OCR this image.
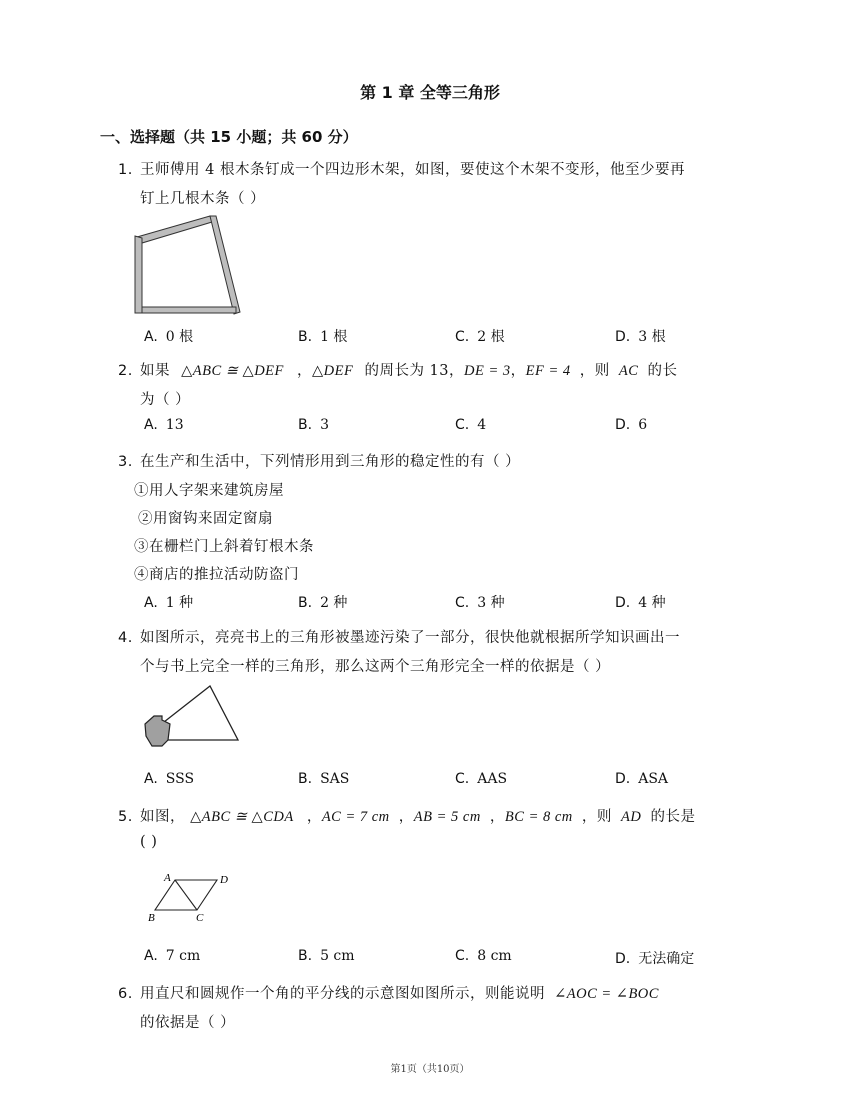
第 1 章 全等三角形
一、选择题（共 15 小题；共 60 分）
1. 王师傅用 4 根木条钉成一个四边形木架，如图，要使这个木架不变形，他至少要再
钉上几根木条（ ）
A. 0 根	B. 1 根	C. 2 根	D. 3 根
2. 如果 △ABC ≅ △DEF ，△DEF 的周长为 13，DE = 3，EF = 4 ，则 AC 的长
为（ ）
A. 13	B. 3	C. 4	D. 6
3. 在生产和生活中，下列情形用到三角形的稳定性的有（ ）
①用人字架来建筑房屋
②用窗钩来固定窗扇
③在栅栏门上斜着钉根木条
④商店的推拉活动防盗门
A. 1 种	B. 2 种	C. 3 种	D. 4 种
4. 如图所示，亮亮书上的三角形被墨迹污染了一部分，很快他就根据所学知识画出一
个与书上完全一样的三角形，那么这两个三角形完全一样的依据是（ ）
A. SSS	B. SAS	C. AAS	D. ASA
5. 如图， △ABC ≅ △CDA ，AC = 7 cm ，AB = 5 cm ，BC = 8 cm ，则 AD 的长是
( )
A	D
B	C
A. 7 cm	B. 5 cm	C. 8 cm	D. 无法确定
6. 用直尺和圆规作一个角的平分线的示意图如图所示，则能说明 ∠AOC = ∠BOC
的依据是（ ）
第1页（共10页）
